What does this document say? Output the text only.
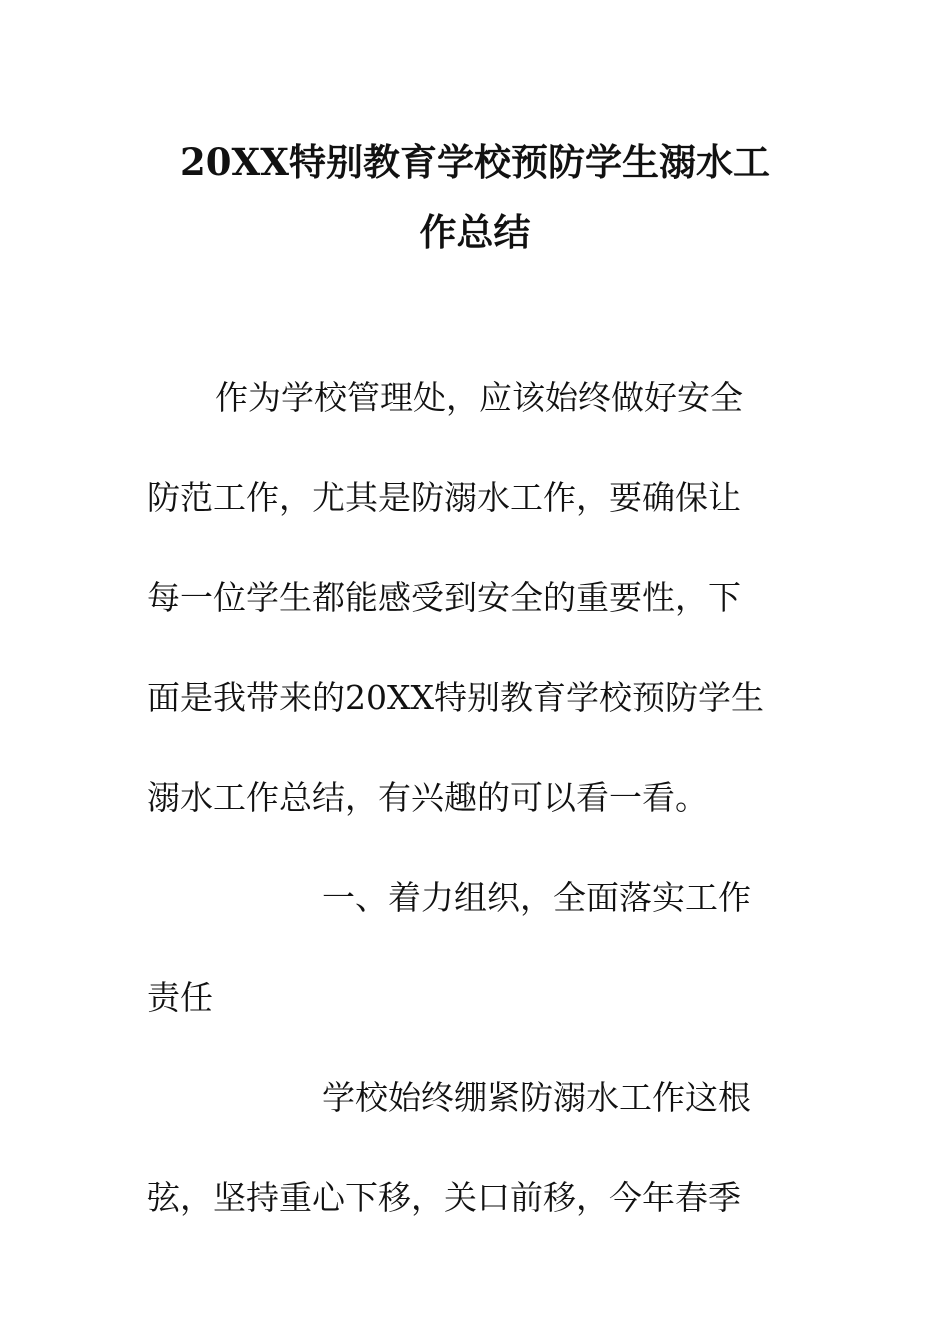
20XX特别教育学校预防学生溺水工
作总结
作为学校管理处，应该始终做好安全
防范工作，尤其是防溺水工作，要确保让
每一位学生都能感受到安全的重要性，下
面是我带来的20XX特别教育学校预防学生
溺水工作总结，有兴趣的可以看一看。
一、着力组织，全面落实工作
责任
学校始终绷紧防溺水工作这根
弦，坚持重心下移，关口前移，今年春季
